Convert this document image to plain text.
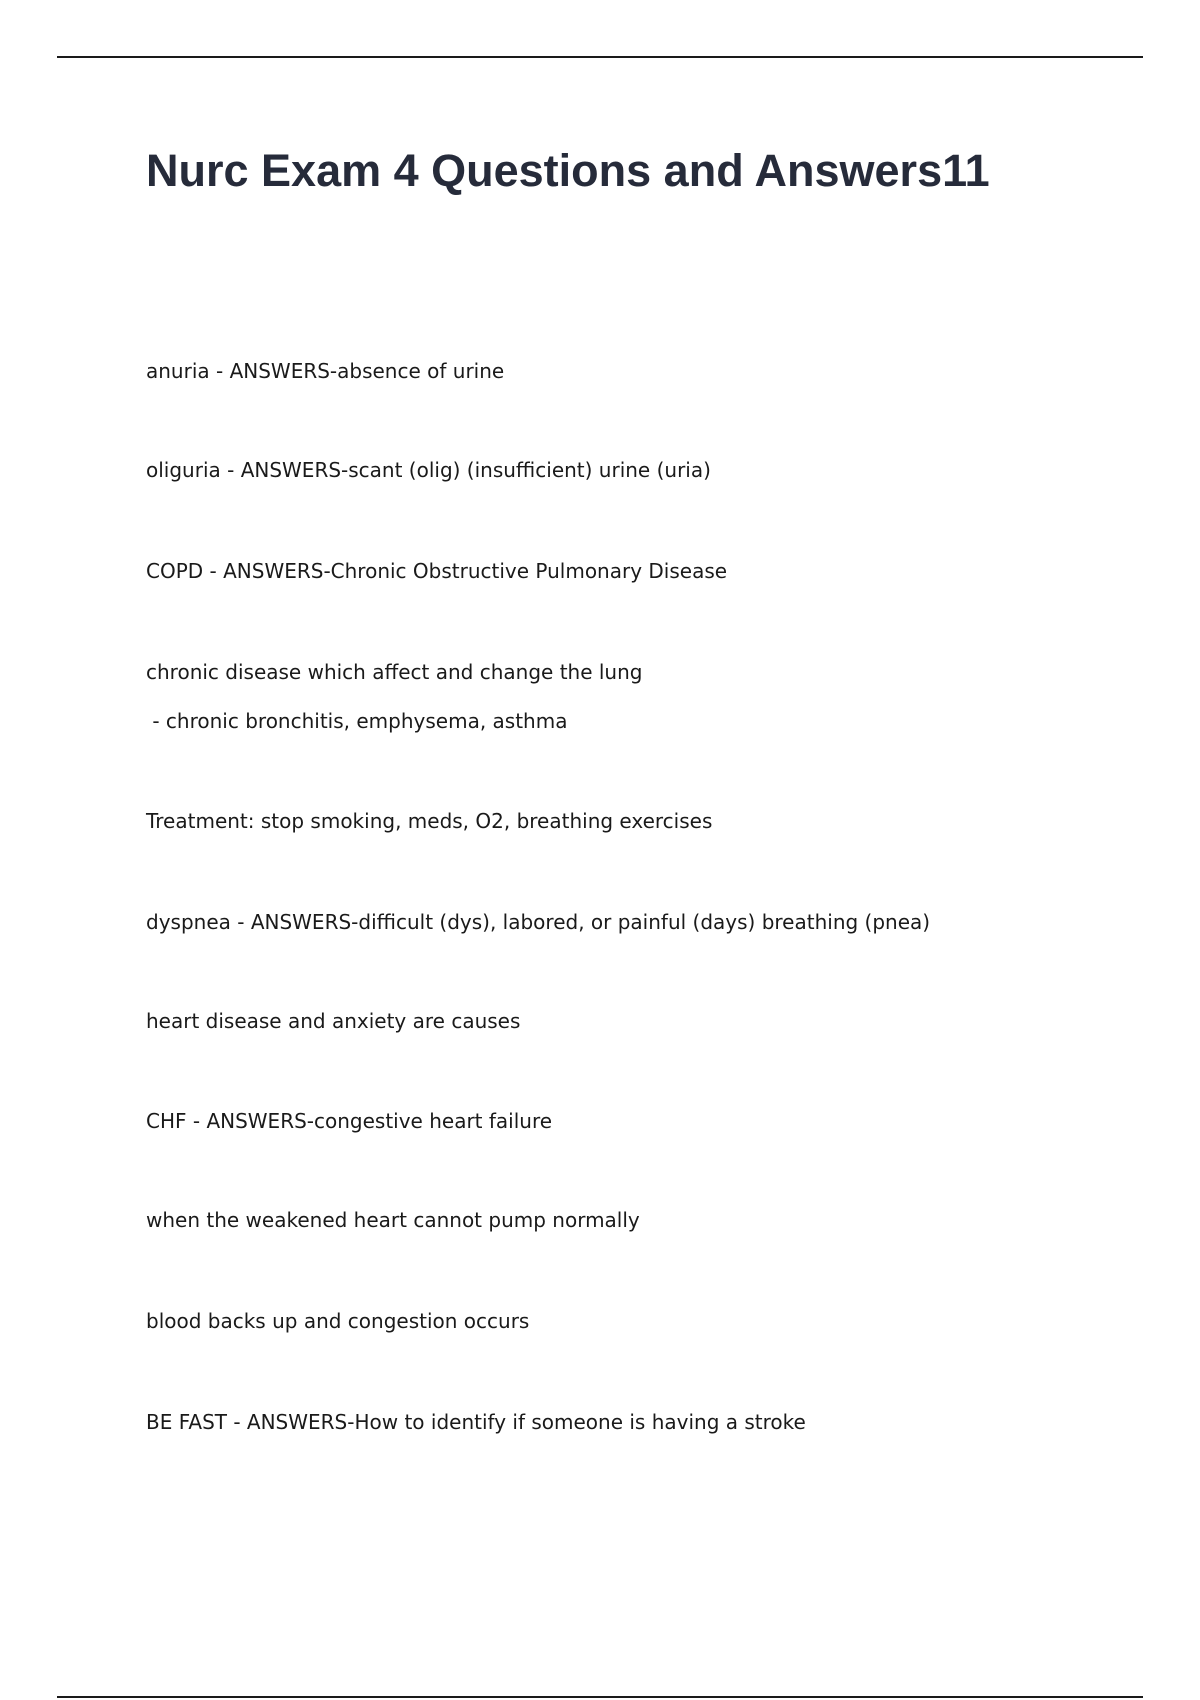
Nurc Exam 4 Questions and Answers11
anuria - ANSWERS-absence of urine
oliguria - ANSWERS-scant (olig) (insufficient) urine (uria)
COPD - ANSWERS-Chronic Obstructive Pulmonary Disease
chronic disease which affect and change the lung
- chronic bronchitis, emphysema, asthma
Treatment: stop smoking, meds, O2, breathing exercises
dyspnea - ANSWERS-difficult (dys), labored, or painful (days) breathing (pnea)
heart disease and anxiety are causes
CHF - ANSWERS-congestive heart failure
when the weakened heart cannot pump normally
blood backs up and congestion occurs
BE FAST - ANSWERS-How to identify if someone is having a stroke
